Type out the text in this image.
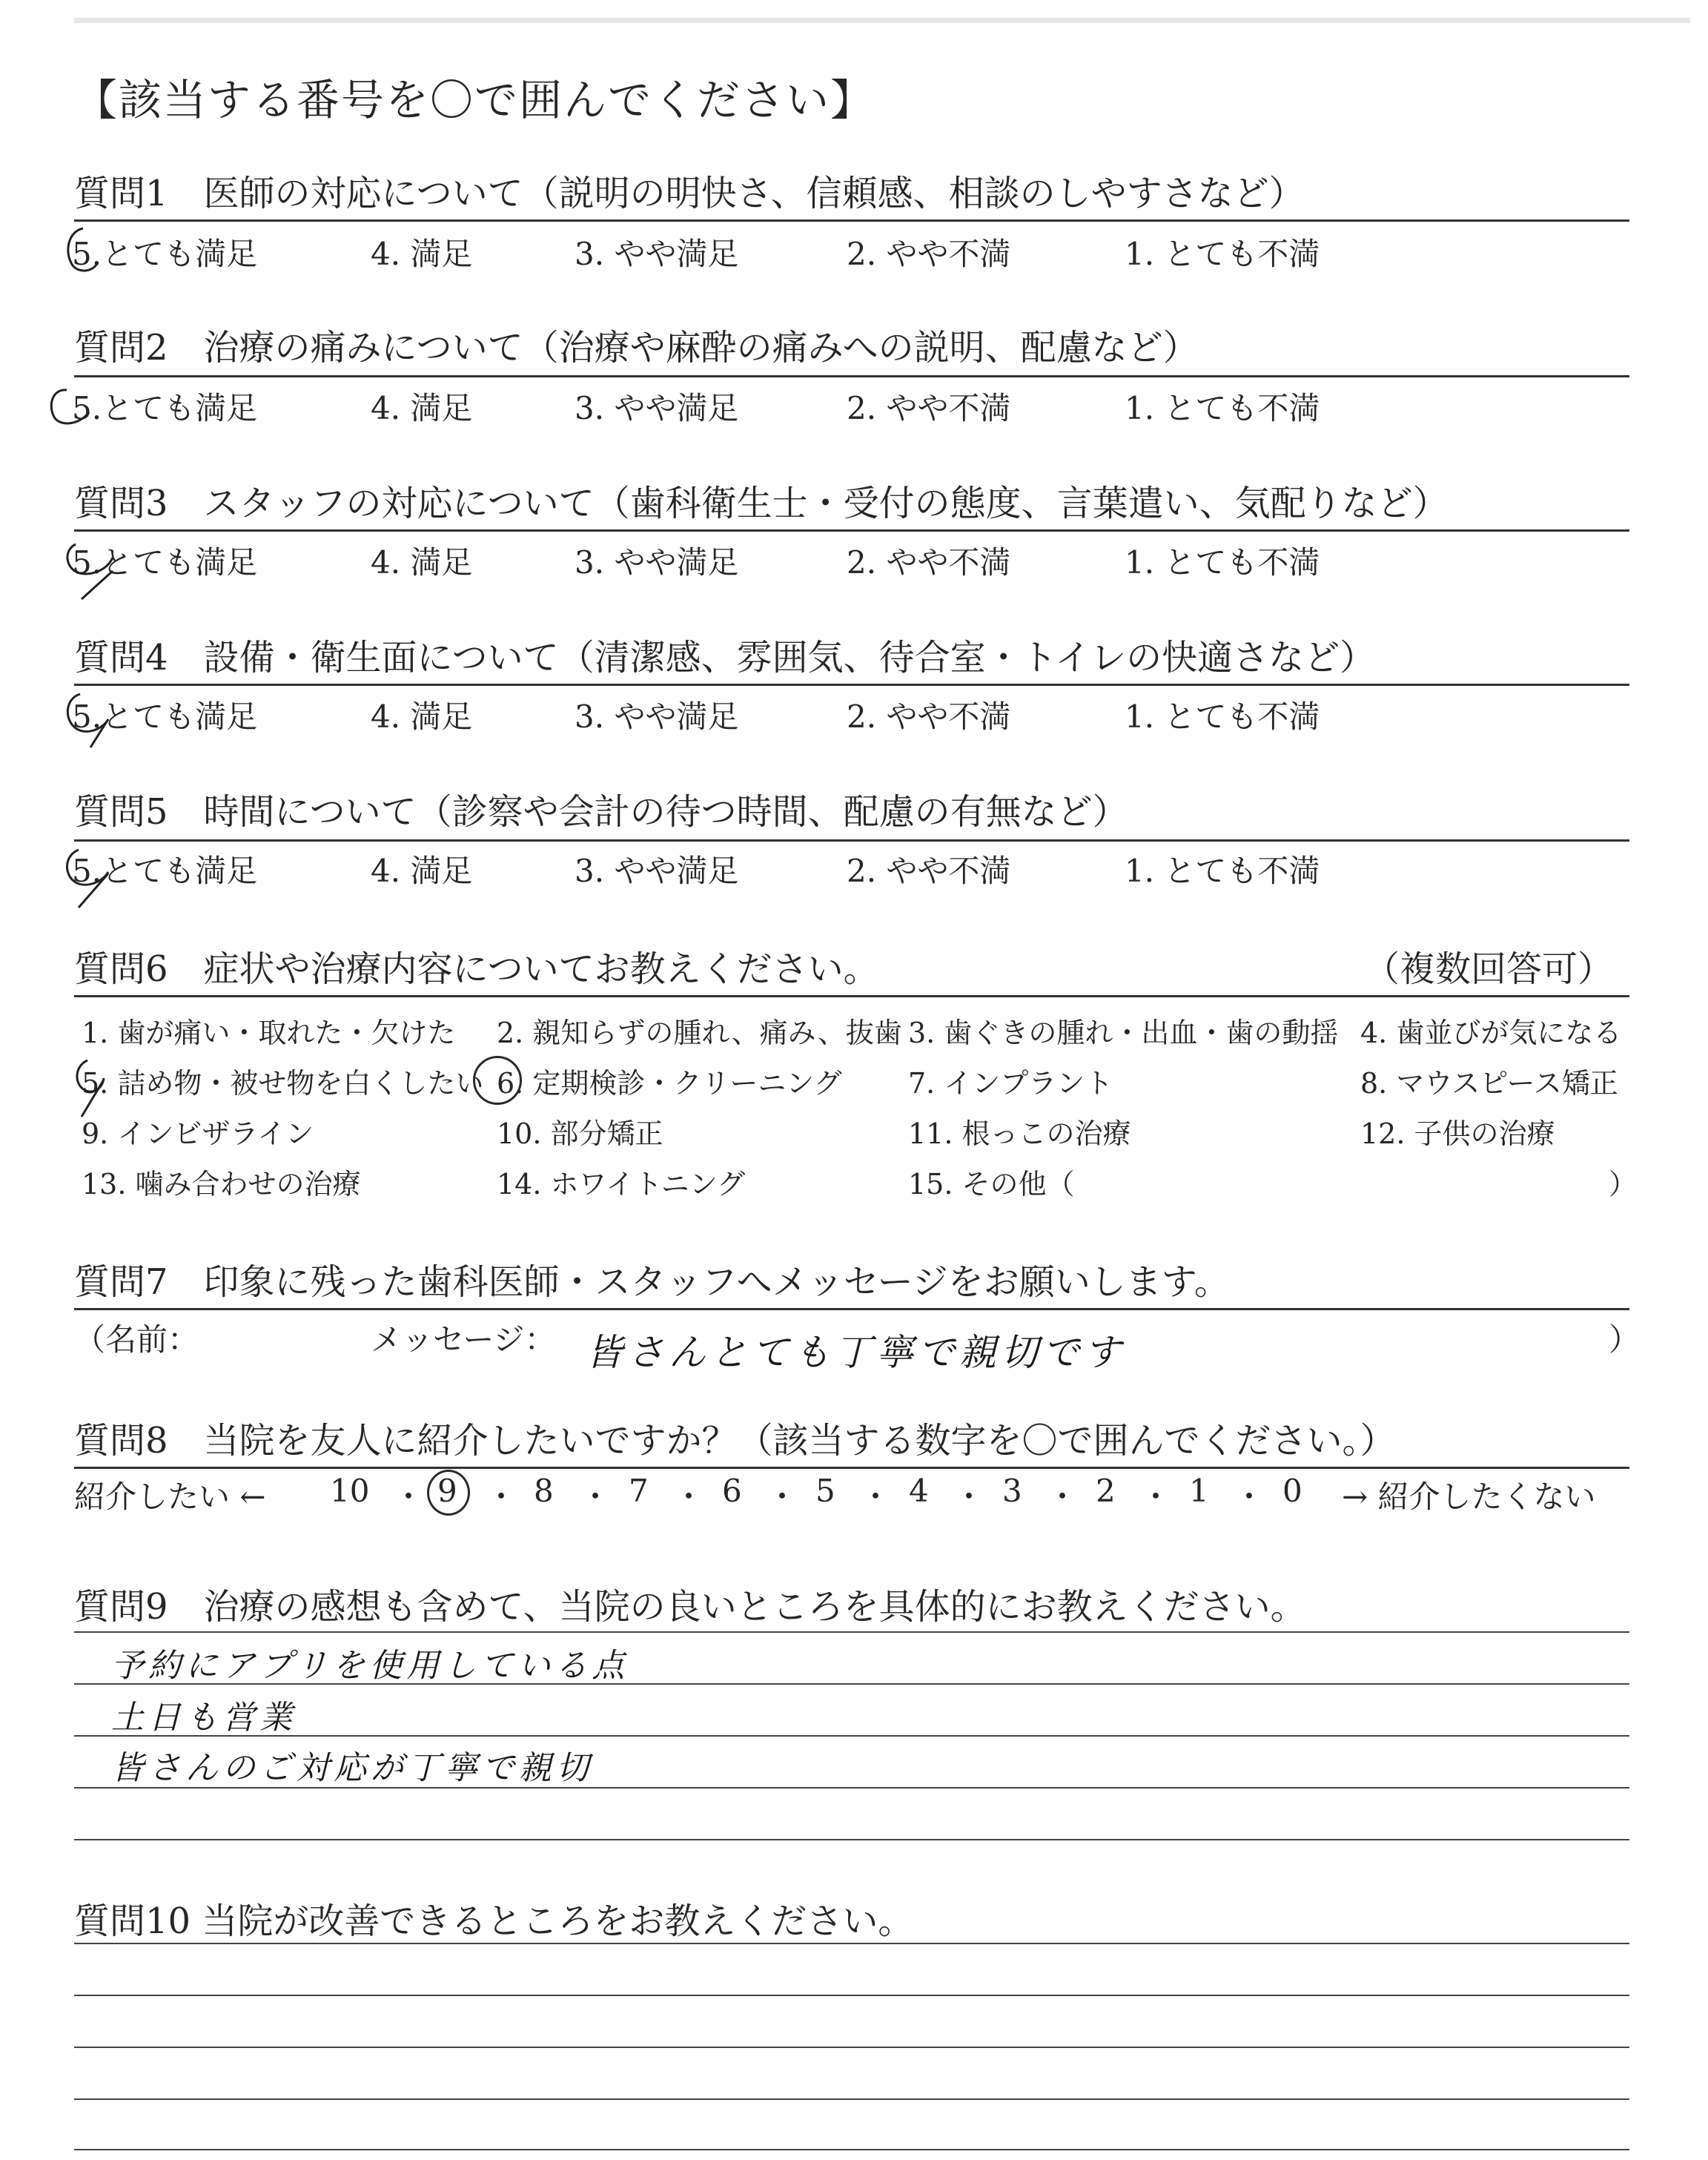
【該当する番号を〇で囲んでください】
質問1　医師の対応について（説明の明快さ、信頼感、相談のしやすさなど）
5.とても満足	4. 満足	3. やや満足	2. やや不満	1. とても不満
質問2　治療の痛みについて（治療や麻酔の痛みへの説明、配慮など）
5.とても満足	4. 満足	3. やや満足	2. やや不満	1. とても不満
質問3　スタッフの対応について（歯科衛生士・受付の態度、言葉遣い、気配りなど）
5.とても満足	4. 満足	3. やや満足	2. やや不満	1. とても不満
質問4　設備・衛生面について（清潔感、雰囲気、待合室・トイレの快適さなど）
5.とても満足	4. 満足	3. やや満足	2. やや不満	1. とても不満
質問5　時間について（診察や会計の待つ時間、配慮の有無など）
5.とても満足	4. 満足	3. やや満足	2. やや不満	1. とても不満
質問6　症状や治療内容についてお教えください。	（複数回答可）
1. 歯が痛い・取れた・欠けた 2. 親知らずの腫れ、痛み、抜歯 3. 歯ぐきの腫れ・出血・歯の動揺 4. 歯並びが気になる
5. 詰め物・被せ物を白くしたい 6. 定期検診・クリーニング 7. インプラント	8. マウスピース矯正
9. インビザライン	10. 部分矯正	11. 根っこの治療	12. 子供の治療
13. 噛み合わせの治療	14. ホワイトニング	15. その他（	）
質問7　印象に残った歯科医師・スタッフへメッセージをお願いします。
（名前：	メッセージ： 皆さんとても丁寧で親切です	）
質問8　当院を友人に紹介したいですか？（該当する数字を〇で囲んでください。）
紹介したい ←	→ 紹介したくない
10 9 8 7 6 5 4 3 2 1 0
・ ・ ・ ・ ・ ・ ・ ・ ・ ・
質問9　治療の感想も含めて、当院の良いところを具体的にお教えください。
予約にアプリを使用している点
土日も営業
皆さんのご対応が丁寧で親切
質問10 当院が改善できるところをお教えください。
